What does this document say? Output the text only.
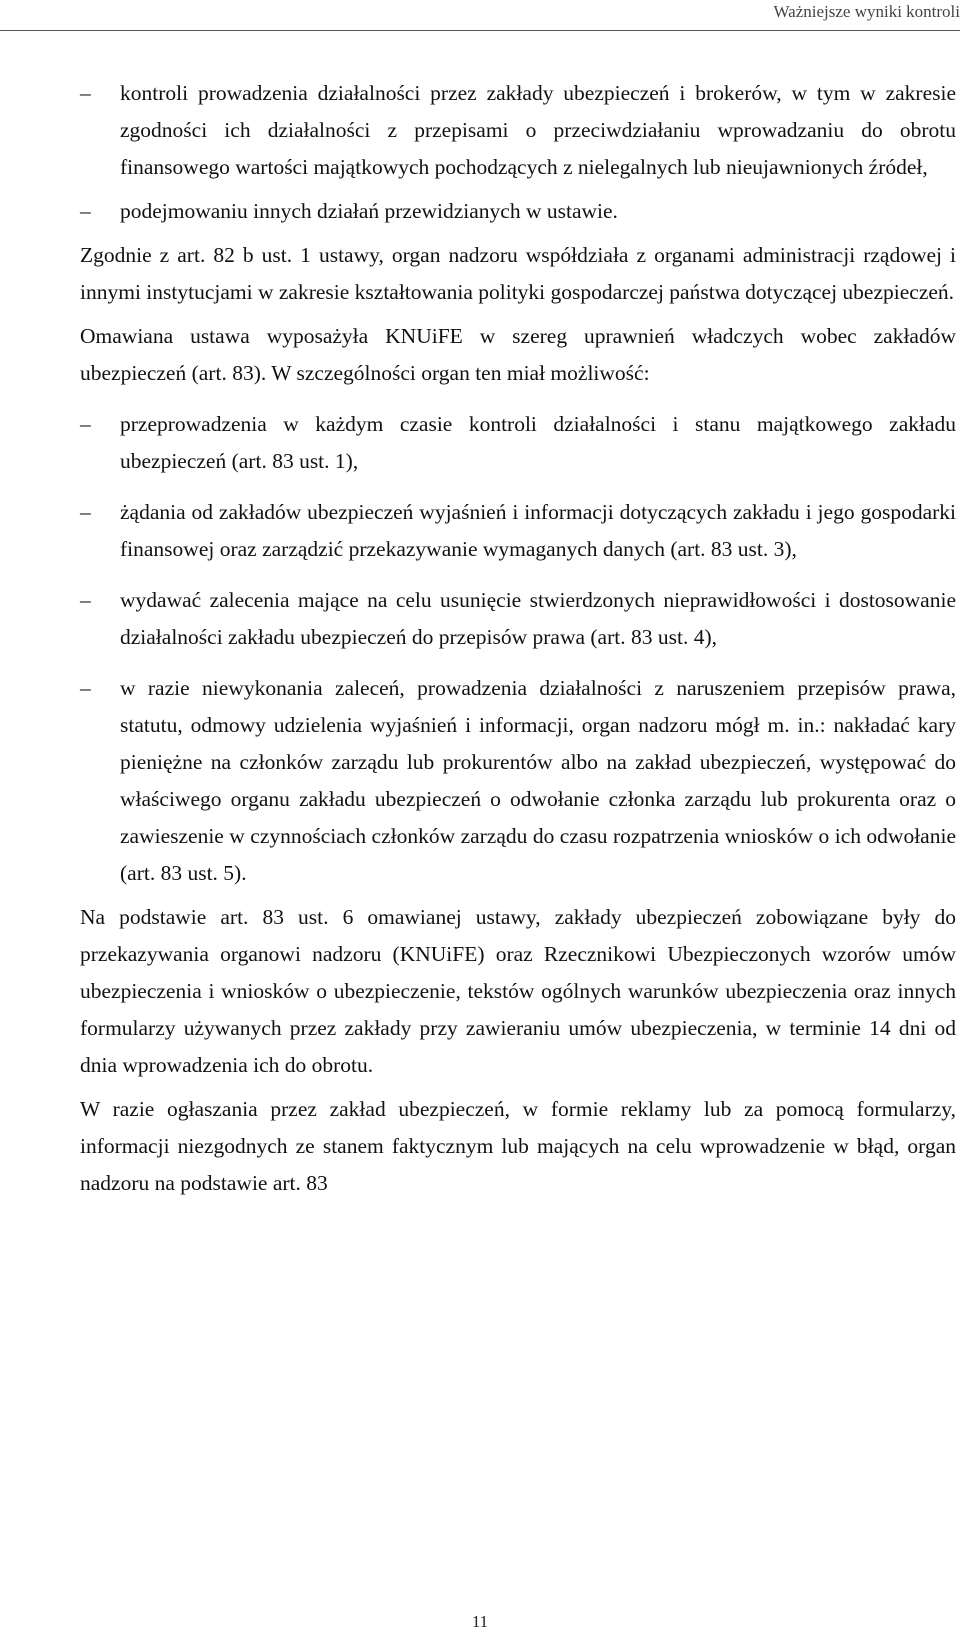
Ważniejsze wyniki kontroli
– kontroli prowadzenia działalności przez zakłady ubezpieczeń i brokerów, w tym w zakresie zgodności ich działalności z przepisami o przeciwdziałaniu wprowadzaniu do obrotu finansowego wartości majątkowych pochodzących z nielegalnych lub nieujawnionych źródeł,
– podejmowaniu innych działań przewidzianych w ustawie.
Zgodnie z art. 82 b ust. 1 ustawy, organ nadzoru współdziała z organami administracji rządowej i innymi instytucjami w zakresie kształtowania polityki gospodarczej państwa dotyczącej ubezpieczeń.
Omawiana ustawa wyposażyła KNUiFE w szereg uprawnień władczych wobec zakładów ubezpieczeń (art. 83). W szczególności organ ten miał możliwość:
– przeprowadzenia w każdym czasie kontroli działalności i stanu majątkowego zakładu ubezpieczeń (art. 83 ust. 1),
– żądania od zakładów ubezpieczeń wyjaśnień i informacji dotyczących zakładu i jego gospodarki finansowej oraz zarządzić przekazywanie wymaganych danych (art. 83 ust. 3),
– wydawać zalecenia mające na celu usunięcie stwierdzonych nieprawidłowości i dostosowanie działalności zakładu ubezpieczeń do przepisów prawa (art. 83 ust. 4),
– w razie niewykonania zaleceń, prowadzenia działalności z naruszeniem przepisów prawa, statutu, odmowy udzielenia wyjaśnień i informacji, organ nadzoru mógł m. in.: nakładać kary pieniężne na członków zarządu lub prokurentów albo na zakład ubezpieczeń, występować do właściwego organu zakładu ubezpieczeń o odwołanie członka zarządu lub prokurenta oraz o zawieszenie w czynnościach członków zarządu do czasu rozpatrzenia wniosków o ich odwołanie (art. 83 ust. 5).
Na podstawie art. 83 ust. 6 omawianej ustawy, zakłady ubezpieczeń zobowiązane były do przekazywania organowi nadzoru (KNUiFE) oraz Rzecznikowi Ubezpieczonych wzorów umów ubezpieczenia i wniosków o ubezpieczenie, tekstów ogólnych warunków ubezpieczenia oraz innych formularzy używanych przez zakłady przy zawieraniu umów ubezpieczenia, w terminie 14 dni od dnia wprowadzenia ich do obrotu.
W razie ogłaszania przez zakład ubezpieczeń, w formie reklamy lub za pomocą formularzy, informacji niezgodnych ze stanem faktycznym lub mających na celu wprowadzenie w błąd, organ nadzoru na podstawie art. 83
11
